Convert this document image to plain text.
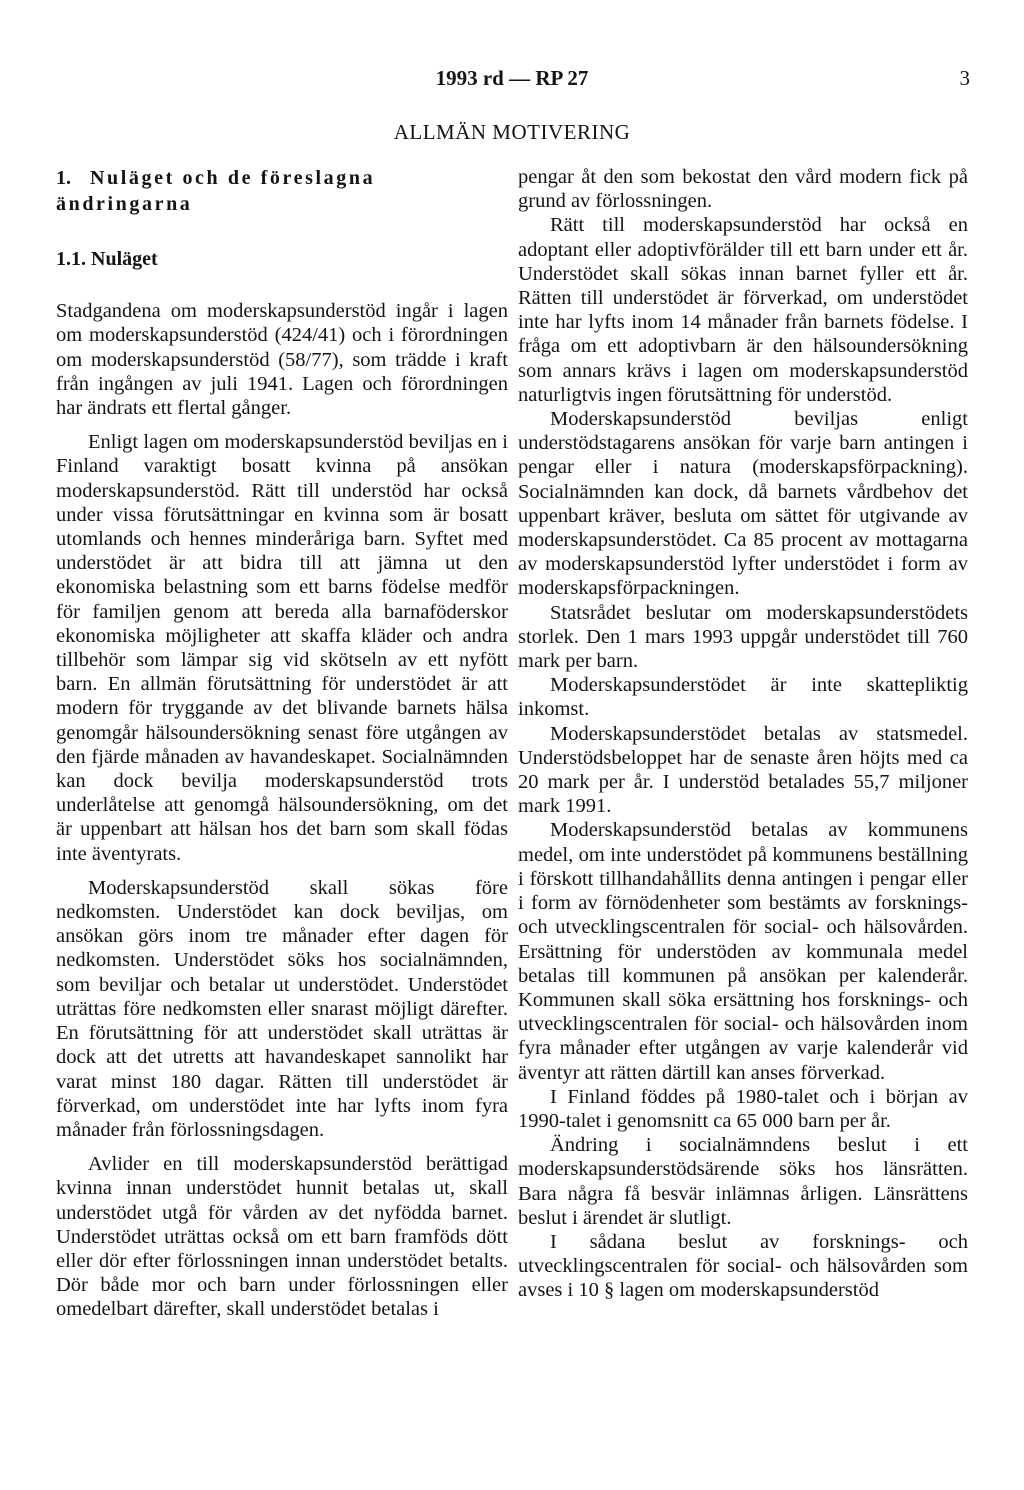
1993 rd — RP 27	3
ALLMÄN MOTIVERING
1. Nuläget och de föreslagna ändringarna
1.1. Nuläget

Stadgandena om moderskapsunderstöd ingår i lagen om moderskapsunderstöd (424/41) och i förordningen om moderskapsunderstöd (58/77), som trädde i kraft från ingången av juli 1941. Lagen och förordningen har ändrats ett flertal gånger.

Enligt lagen om moderskapsunderstöd beviljas en i Finland varaktigt bosatt kvinna på ansökan moderskapsunderstöd. Rätt till understöd har också under vissa förutsättningar en kvinna som är bosatt utomlands och hennes minderåriga barn. Syftet med understödet är att bidra till att jämna ut den ekonomiska belastning som ett barns födelse medför för familjen genom att bereda alla barnaföderskor ekonomiska möjligheter att skaffa kläder och andra tillbehör som lämpar sig vid skötseln av ett nyfött barn. En allmän förutsättning för understödet är att modern för tryggande av det blivande barnets hälsa genomgår hälsoundersökning senast före utgången av den fjärde månaden av havandeskapet. Socialnämnden kan dock bevilja moderskapsunderstöd trots underlåtelse att genomgå hälsoundersökning, om det är uppenbart att hälsan hos det barn som skall födas inte äventyrats.

Moderskapsunderstöd skall sökas före nedkomsten. Understödet kan dock beviljas, om ansökan görs inom tre månader efter dagen för nedkomsten. Understödet söks hos socialnämnden, som beviljar och betalar ut understödet. Understödet uträttas före nedkomsten eller snarast möjligt därefter. En förutsättning för att understödet skall uträttas är dock att det utretts att havandeskapet sannolikt har varat minst 180 dagar. Rätten till understödet är förverkad, om understödet inte har lyfts inom fyra månader från förlossningsdagen.

Avlider en till moderskapsunderstöd berättigad kvinna innan understödet hunnit betalas ut, skall understödet utgå för vården av det nyfödda barnet. Understödet uträttas också om ett barn framföds dött eller dör efter förlossningen innan understödet betalts. Dör både mor och barn under förlossningen eller omedelbart därefter, skall understödet betalas i

pengar åt den som bekostat den vård modern fick på grund av förlossningen.

Rätt till moderskapsunderstöd har också en adoptant eller adoptivförälder till ett barn under ett år. Understödet skall sökas innan barnet fyller ett år. Rätten till understödet är förverkad, om understödet inte har lyfts inom 14 månader från barnets födelse. I fråga om ett adoptivbarn är den hälsoundersökning som annars krävs i lagen om moderskapsunderstöd naturligtvis ingen förutsättning för understöd.

Moderskapsunderstöd beviljas enligt understödstagarens ansökan för varje barn antingen i pengar eller i natura (moderskapsförpackning). Socialnämnden kan dock, då barnets vårdbehov det uppenbart kräver, besluta om sättet för utgivande av moderskapsunderstödet. Ca 85 procent av mottagarna av moderskapsunderstöd lyfter understödet i form av moderskapsförpackningen.

Statsrådet beslutar om moderskapsunderstödets storlek. Den 1 mars 1993 uppgår understödet till 760 mark per barn.

Moderskapsunderstödet är inte skattepliktig inkomst.

Moderskapsunderstödet betalas av statsmedel. Understödsbeloppet har de senaste åren höjts med ca 20 mark per år. I understöd betalades 55,7 miljoner mark 1991.

Moderskapsunderstöd betalas av kommunens medel, om inte understödet på kommunens beställning i förskott tillhandahållits denna antingen i pengar eller i form av förnödenheter som bestämts av forsknings- och utvecklingscentralen för social- och hälsovården. Ersättning för understöden av kommunala medel betalas till kommunen på ansökan per kalenderår. Kommunen skall söka ersättning hos forsknings- och utvecklingscentralen för social- och hälsovården inom fyra månader efter utgången av varje kalenderår vid äventyr att rätten därtill kan anses förverkad.

I Finland föddes på 1980-talet och i början av 1990-talet i genomsnitt ca 65 000 barn per år.

Ändring i socialnämndens beslut i ett moderskapsunderstödsärende söks hos länsrätten. Bara några få besvär inlämnas årligen. Länsrättens beslut i ärendet är slutligt.

I sådana beslut av forsknings- och utvecklingscentralen för social- och hälsovården som avses i 10 § lagen om moderskapsunderstöd
